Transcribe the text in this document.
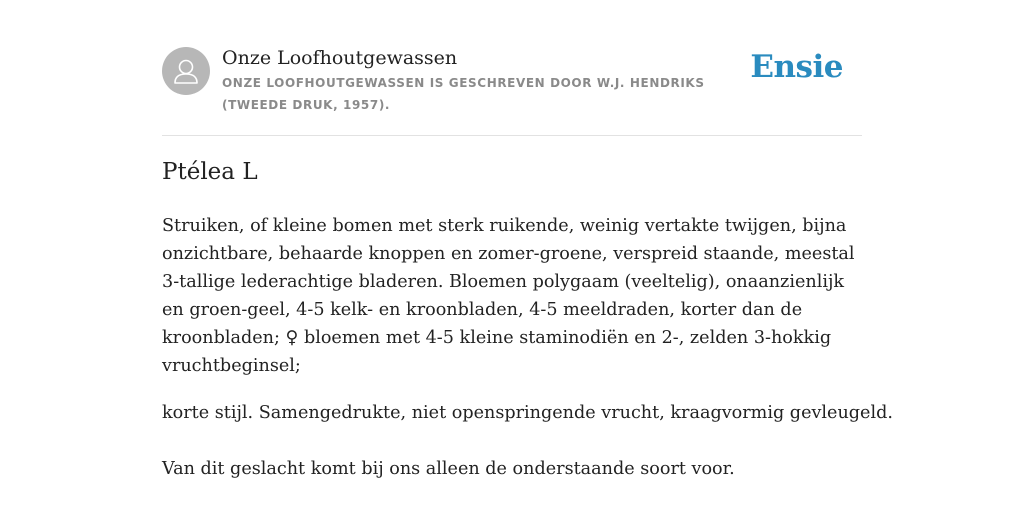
Onze Loofhoutgewassen
ONZE LOOFHOUTGEWASSEN IS GESCHREVEN DOOR W.J. HENDRIKS (TWEEDE DRUK, 1957).
Ensie
Ptélea L

Struiken, of kleine bomen met sterk ruikende, weinig vertakte twijgen, bijna onzichtbare, behaarde knoppen en zomer-groene, verspreid staande, meestal 3-tallige lederachtige bladeren. Bloemen polygaam (veeltelig), onaanzienlijk en groen-geel, 4-5 kelk- en kroonbladen, 4-5 meeldraden, korter dan de kroonbladen; ♀ bloemen met 4-5 kleine staminodiën en 2-, zelden 3-hokkig vruchtbeginsel;

korte stijl. Samengedrukte, niet openspringende vrucht, kraagvormig gevleugeld.

Van dit geslacht komt bij ons alleen de onderstaande soort voor.
